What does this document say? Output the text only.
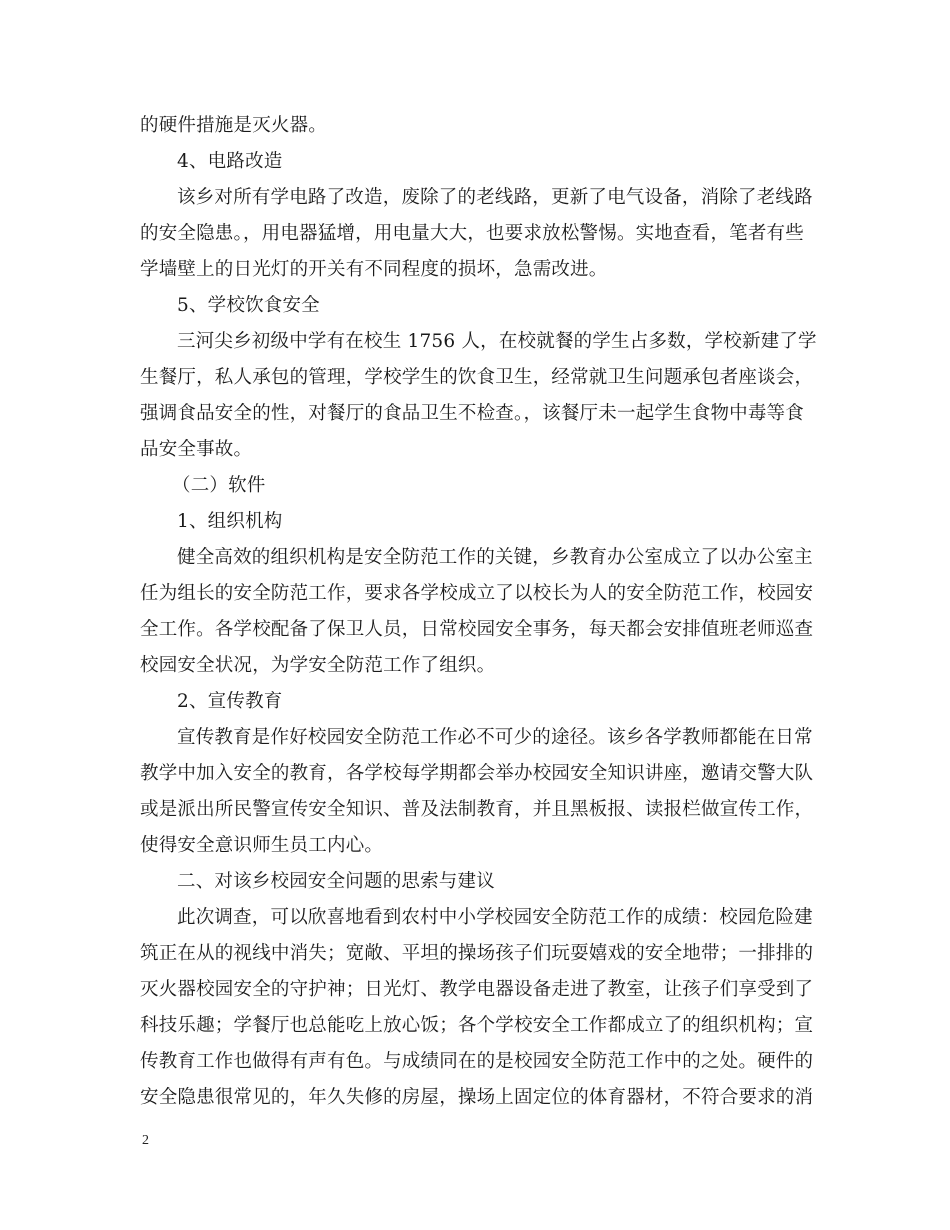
的硬件措施是灭火器。
4、电路改造
该乡对所有学电路了改造，废除了的老线路，更新了电气设备，消除了老线路
的安全隐患。，用电器猛增，用电量大大，也要求放松警惕。实地查看，笔者有些
学墙壁上的日光灯的开关有不同程度的损坏，急需改进。
5、学校饮食安全
三河尖乡初级中学有在校生 1756 人，在校就餐的学生占多数，学校新建了学
生餐厅，私人承包的管理，学校学生的饮食卫生，经常就卫生问题承包者座谈会，
强调食品安全的性，对餐厅的食品卫生不检查。，该餐厅未一起学生食物中毒等食
品安全事故。
（二）软件
1、组织机构
健全高效的组织机构是安全防范工作的关键，乡教育办公室成立了以办公室主
任为组长的安全防范工作，要求各学校成立了以校长为人的安全防范工作，校园安
全工作。各学校配备了保卫人员，日常校园安全事务，每天都会安排值班老师巡查
校园安全状况，为学安全防范工作了组织。
2、宣传教育
宣传教育是作好校园安全防范工作必不可少的途径。该乡各学教师都能在日常
教学中加入安全的教育，各学校每学期都会举办校园安全知识讲座，邀请交警大队
或是派出所民警宣传安全知识、普及法制教育，并且黑板报、读报栏做宣传工作，
使得安全意识师生员工内心。
二、对该乡校园安全问题的思索与建议
此次调查，可以欣喜地看到农村中小学校园安全防范工作的成绩：校园危险建
筑正在从的视线中消失；宽敞、平坦的操场孩子们玩耍嬉戏的安全地带；一排排的
灭火器校园安全的守护神；日光灯、教学电器设备走进了教室，让孩子们享受到了
科技乐趣；学餐厅也总能吃上放心饭；各个学校安全工作都成立了的组织机构；宣
传教育工作也做得有声有色。与成绩同在的是校园安全防范工作中的之处。硬件的
安全隐患很常见的，年久失修的房屋，操场上固定位的体育器材，不符合要求的消
2
